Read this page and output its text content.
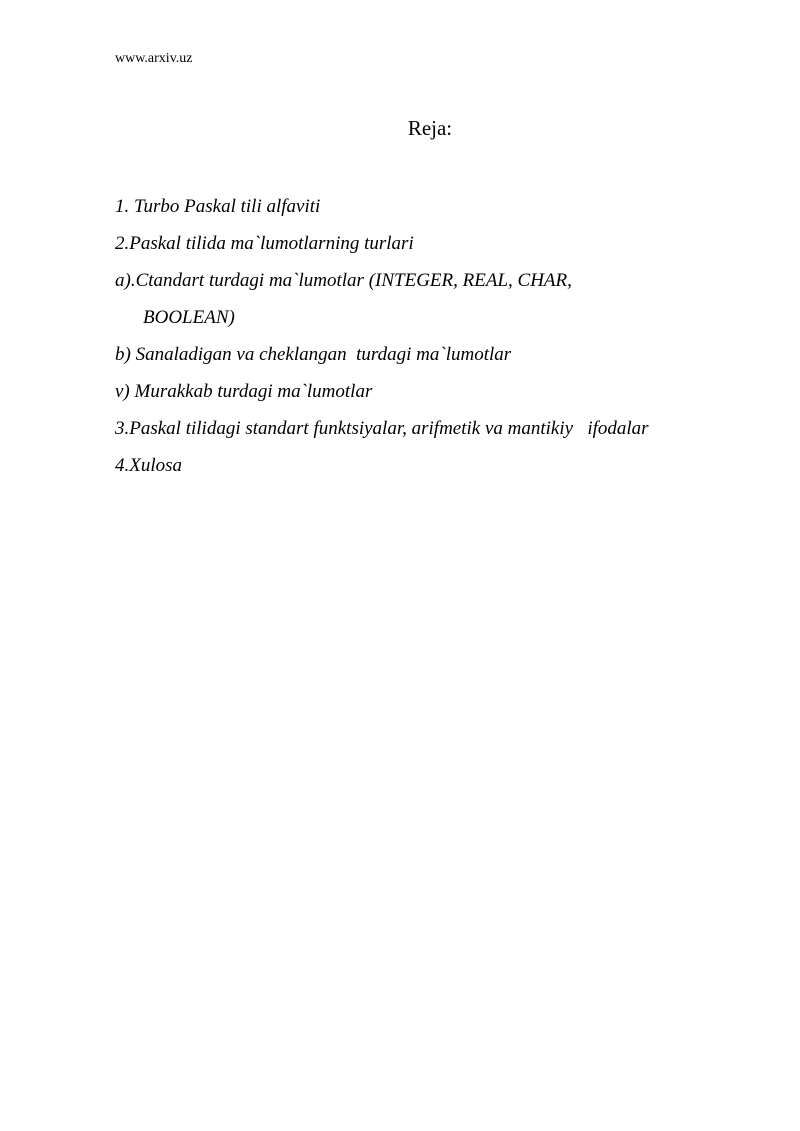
www.arxiv.uz
Reja:
1. Turbo Paskal tili alfaviti
2.Paskal tilida ma`lumotlarning turlari
a).Ctandart turdagi ma`lumotlar (INTEGER, REAL, CHAR,
BOOLEAN)
b) Sanaladigan va cheklangan  turdagi ma`lumotlar
v) Murakkab turdagi ma`lumotlar
3.Paskal tilidagi standart funktsiyalar, arifmetik va mantikiy   ifodalar
4.Xulosa
